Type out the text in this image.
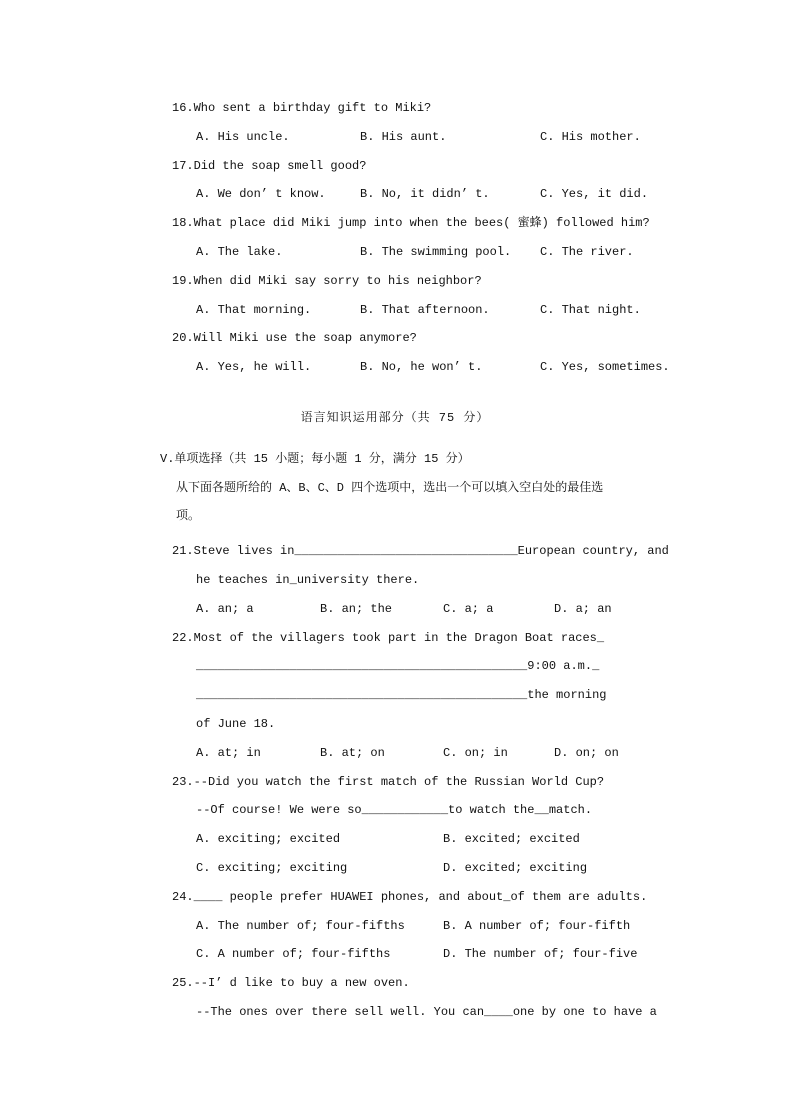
16.Who sent a birthday gift to Miki?
A. His uncle.	B. His aunt.	C. His mother.
17.Did the soap smell good?
A. We don’ t know.	B. No, it didn’ t.	C. Yes, it did.
18.What place did Miki jump into when the bees( 蜜蜂) followed him?
A. The lake.	B. The swimming pool.	C. The river.
19.When did Miki say sorry to his neighbor?
A. That morning.	B. That afternoon.	C. That night.
20.Will Miki use the soap anymore?
A. Yes, he will.	B. No, he won’ t.	C. Yes, sometimes.
语言知识运用部分（共 75 分）
V.单项选择（共 15 小题；每小题 1 分，满分 15 分）
从下面各题所给的 A、B、C、D 四个选项中，选出一个可以填入空白处的最佳选
项。
21.Steve lives in_______________________________European country, and
he teaches in_university there.
A. an; a	B. an; the	C. a; a	D. a; an
22.Most of the villagers took part in the Dragon Boat races_
______________________________________________9:00 a.m._
______________________________________________the morning
of June 18.
A. at; in	B. at; on	C. on; in	D. on; on
23.--Did you watch the first match of the Russian World Cup?
--Of course! We were so____________to watch the__match.
A. exciting; excited	B. excited; excited
C. exciting; exciting	D. excited; exciting
24.____ people prefer HUAWEI phones, and about_of them are adults.
A. The number of; four-fifths	B. A number of; four-fifth
C. A number of; four-fifths	D. The number of; four-five
25.--I’ d like to buy a new oven.
--The ones over there sell well. You can____one by one to have a
